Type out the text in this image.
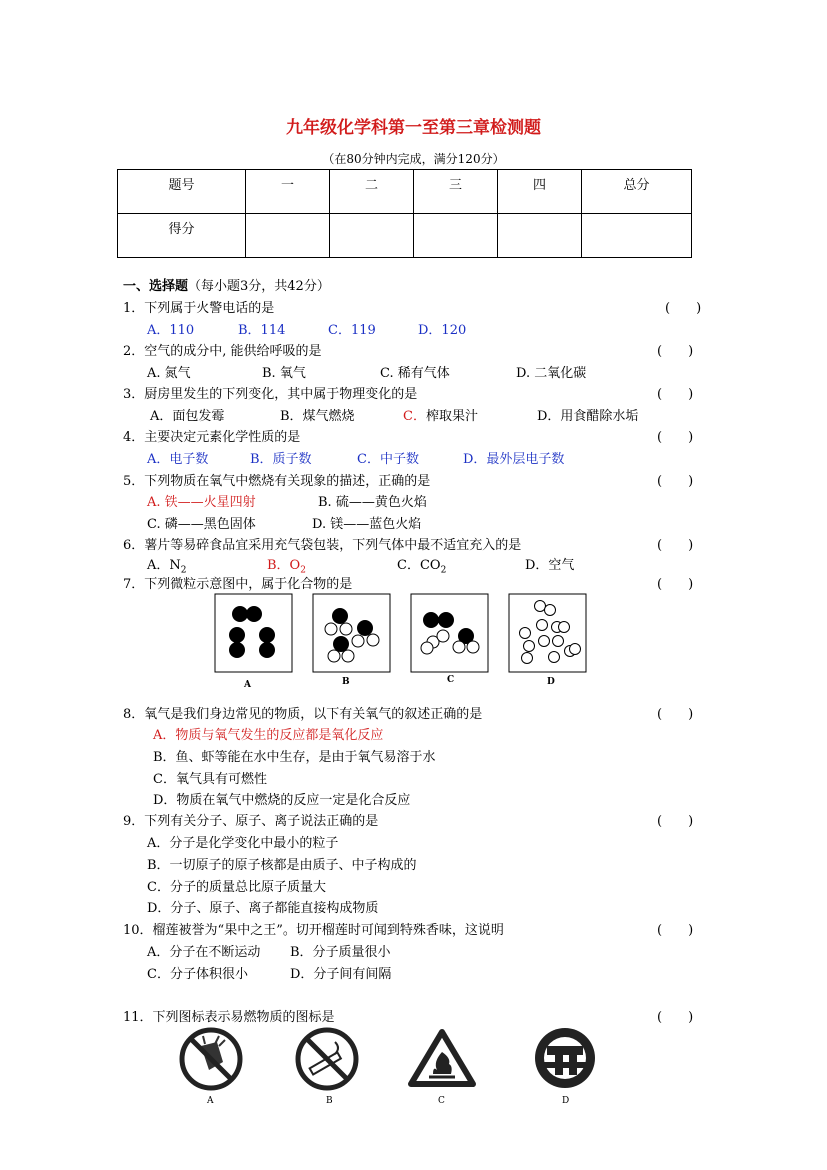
九年级化学科第一至第三章检测题
（在80分钟内完成，满分120分）
题号	一	二	三	四	总分
得分					
一、选择题（每小题3分，共42分）
1．下列属于火警电话的是	(　　)
A．110	B．114	C．119	D．120
2．空气的成分中, 能供给呼吸的是	(　　)
A. 氮气	B. 氧气	C. 稀有气体	D. 二氧化碳
3．厨房里发生的下列变化，其中属于物理变化的是	(　　)
A．面包发霉	B．煤气燃烧	C．榨取果汁	D．用食醋除水垢
4．主要决定元素化学性质的是	(　　)
A．电子数	B．质子数	C．中子数	D．最外层电子数
5．下列物质在氧气中燃烧有关现象的描述，正确的是	(　　)
A. 铁——火星四射	B. 硫——黄色火焰
C. 磷——黑色固体	D. 镁——蓝色火焰
6．薯片等易碎食品宜采用充气袋包装，下列气体中最不适宜充入的是	(　　)
A．$N_2$	B．$O_2$	C．$CO_2$	D．空气
7．下列微粒示意图中，属于化合物的是	(　　)
A	B	C	D
8．氧气是我们身边常见的物质，以下有关氧气的叙述正确的是	(　　)
A．物质与氧气发生的反应都是氧化反应
B．鱼、虾等能在水中生存，是由于氧气易溶于水
C．氧气具有可燃性
D．物质在氧气中燃烧的反应一定是化合反应
9．下列有关分子、原子、离子说法正确的是	(　　)
A．分子是化学变化中最小的粒子
B．一切原子的原子核都是由质子、中子构成的
C．分子的质量总比原子质量大
D．分子、原子、离子都能直接构成物质
10．榴莲被誉为“果中之王”。切开榴莲时可闻到特殊香味，这说明	(　　)
A．分子在不断运动 B．分子质量很小
C．分子体积很小	D．分子间有间隔
11．下列图标表示易燃物质的图标是	(　　)
A	B	C	D
